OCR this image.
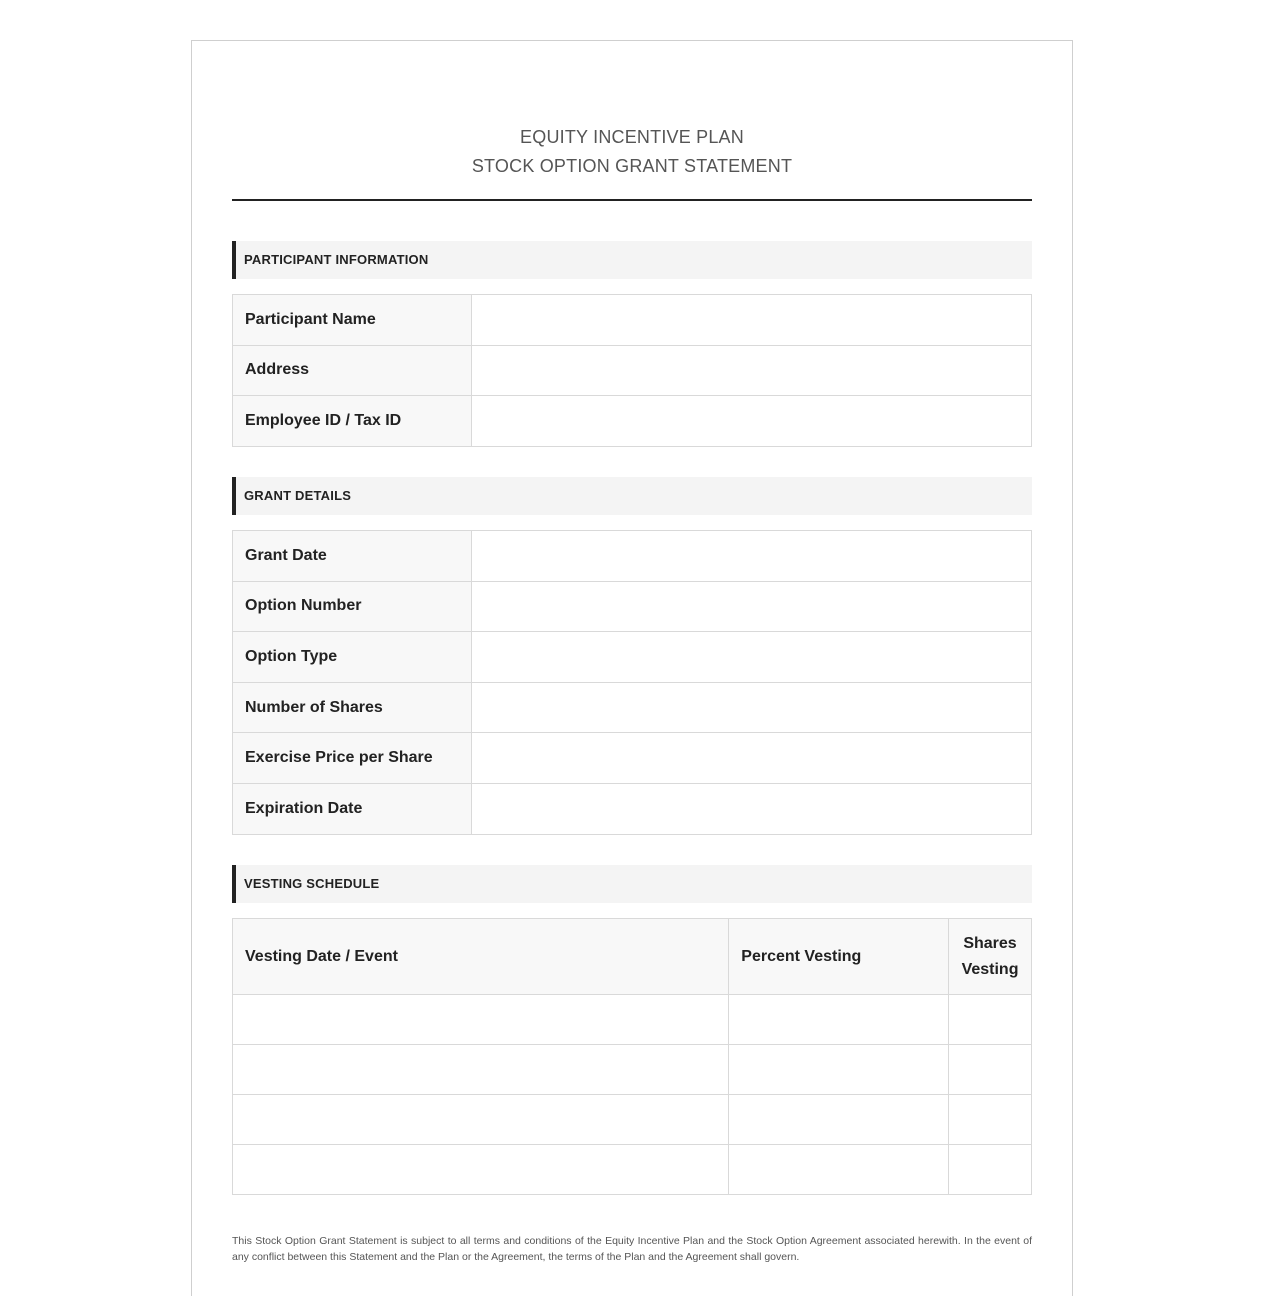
EQUITY INCENTIVE PLAN
STOCK OPTION GRANT STATEMENT
PARTICIPANT INFORMATION
Participant Name	
Address	
Employee ID / Tax ID	
GRANT DETAILS
Grant Date	
Option Number	
Option Type	
Number of Shares	
Exercise Price per Share	
Expiration Date	
VESTING SCHEDULE
Vesting Date / Event	Percent Vesting	Shares Vesting

This Stock Option Grant Statement is subject to all terms and conditions of the Equity Incentive Plan and the Stock Option Agreement associated herewith. In the event of any conflict between this Statement and the Plan or the Agreement, the terms of the Plan and the Agreement shall govern.
